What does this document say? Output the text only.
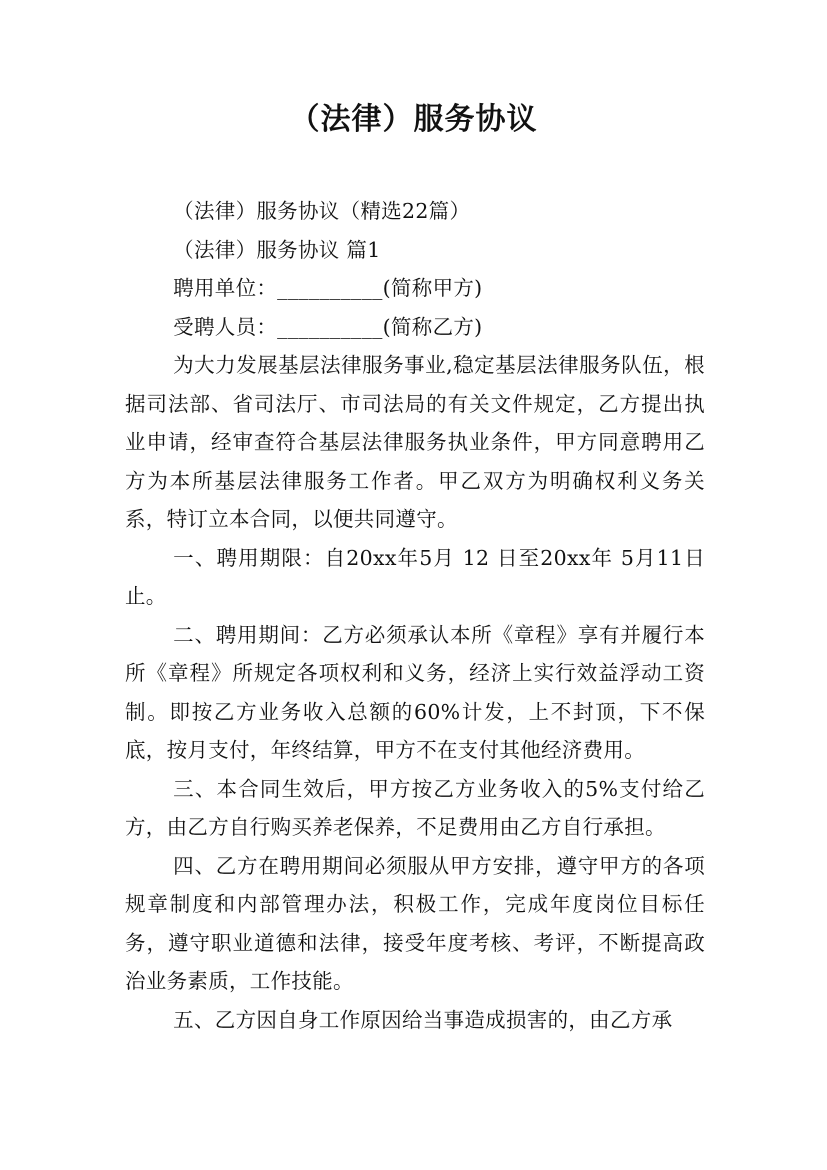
（法律）服务协议

（法律）服务协议（精选22篇）

（法律）服务协议 篇1

聘用单位：__________(简称甲方)

受聘人员：__________(简称乙方)

为大力发展基层法律服务事业,稳定基层法律服务队伍，根据司法部、省司法厅、市司法局的有关文件规定，乙方提出执业申请，经审查符合基层法律服务执业条件，甲方同意聘用乙方为本所基层法律服务工作者。甲乙双方为明确权利义务关系，特订立本合同，以便共同遵守。

一、聘用期限：自20xx年5月 12 日至20xx年 5月11日止。

二、聘用期间：乙方必须承认本所《章程》享有并履行本所《章程》所规定各项权利和义务，经济上实行效益浮动工资制。即按乙方业务收入总额的60%计发，上不封顶，下不保底，按月支付，年终结算，甲方不在支付其他经济费用。

三、本合同生效后，甲方按乙方业务收入的5%支付给乙方，由乙方自行购买养老保养，不足费用由乙方自行承担。

四、乙方在聘用期间必须服从甲方安排，遵守甲方的各项规章制度和内部管理办法，积极工作，完成年度岗位目标任务，遵守职业道德和法律，接受年度考核、考评，不断提高政治业务素质，工作技能。

五、乙方因自身工作原因给当事造成损害的，由乙方承
